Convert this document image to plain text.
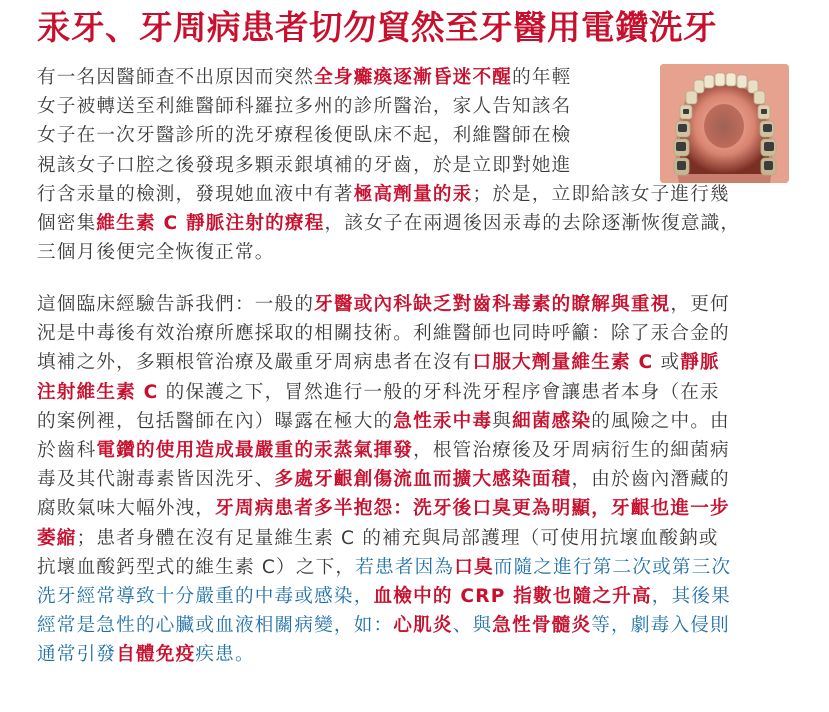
汞牙、牙周病患者切勿貿然至牙醫用電鑽洗牙
有一名因醫師查不出原因而突然全身癱瘓逐漸昏迷不醒的年輕
女子被轉送至利維醫師科羅拉多州的診所醫治，家人告知該名
女子在一次牙醫診所的洗牙療程後便臥床不起，利維醫師在檢
視該女子口腔之後發現多顆汞銀填補的牙齒，於是立即對她進
行含汞量的檢測，發現她血液中有著極高劑量的汞；於是，立即給該女子進行幾
個密集維生素 C 靜脈注射的療程，該女子在兩週後因汞毒的去除逐漸恢復意識，
三個月後便完全恢復正常。
這個臨床經驗告訴我們：一般的牙醫或內科缺乏對齒科毒素的瞭解與重視，更何
況是中毒後有效治療所應採取的相關技術。利維醫師也同時呼籲：除了汞合金的
填補之外，多顆根管治療及嚴重牙周病患者在沒有口服大劑量維生素 C 或靜脈
注射維生素 C 的保護之下，冒然進行一般的牙科洗牙程序會讓患者本身（在汞
的案例裡，包括醫師在內）曝露在極大的急性汞中毒與細菌感染的風險之中。由
於齒科電鑽的使用造成最嚴重的汞蒸氣揮發，根管治療後及牙周病衍生的細菌病
毒及其代謝毒素皆因洗牙、多處牙齦創傷流血而擴大感染面積，由於齒內潛藏的
腐敗氣味大幅外洩，牙周病患者多半抱怨：洗牙後口臭更為明顯，牙齦也進一步
萎縮；患者身體在沒有足量維生素 C 的補充與局部護理（可使用抗壞血酸鈉或
抗壞血酸鈣型式的維生素 C）之下，若患者因為口臭而隨之進行第二次或第三次
洗牙經常導致十分嚴重的中毒或感染，血檢中的 CRP 指數也隨之升高，其後果
經常是急性的心臟或血液相關病變，如：心肌炎、與急性骨髓炎等，劇毒入侵則
通常引發自體免疫疾患。
